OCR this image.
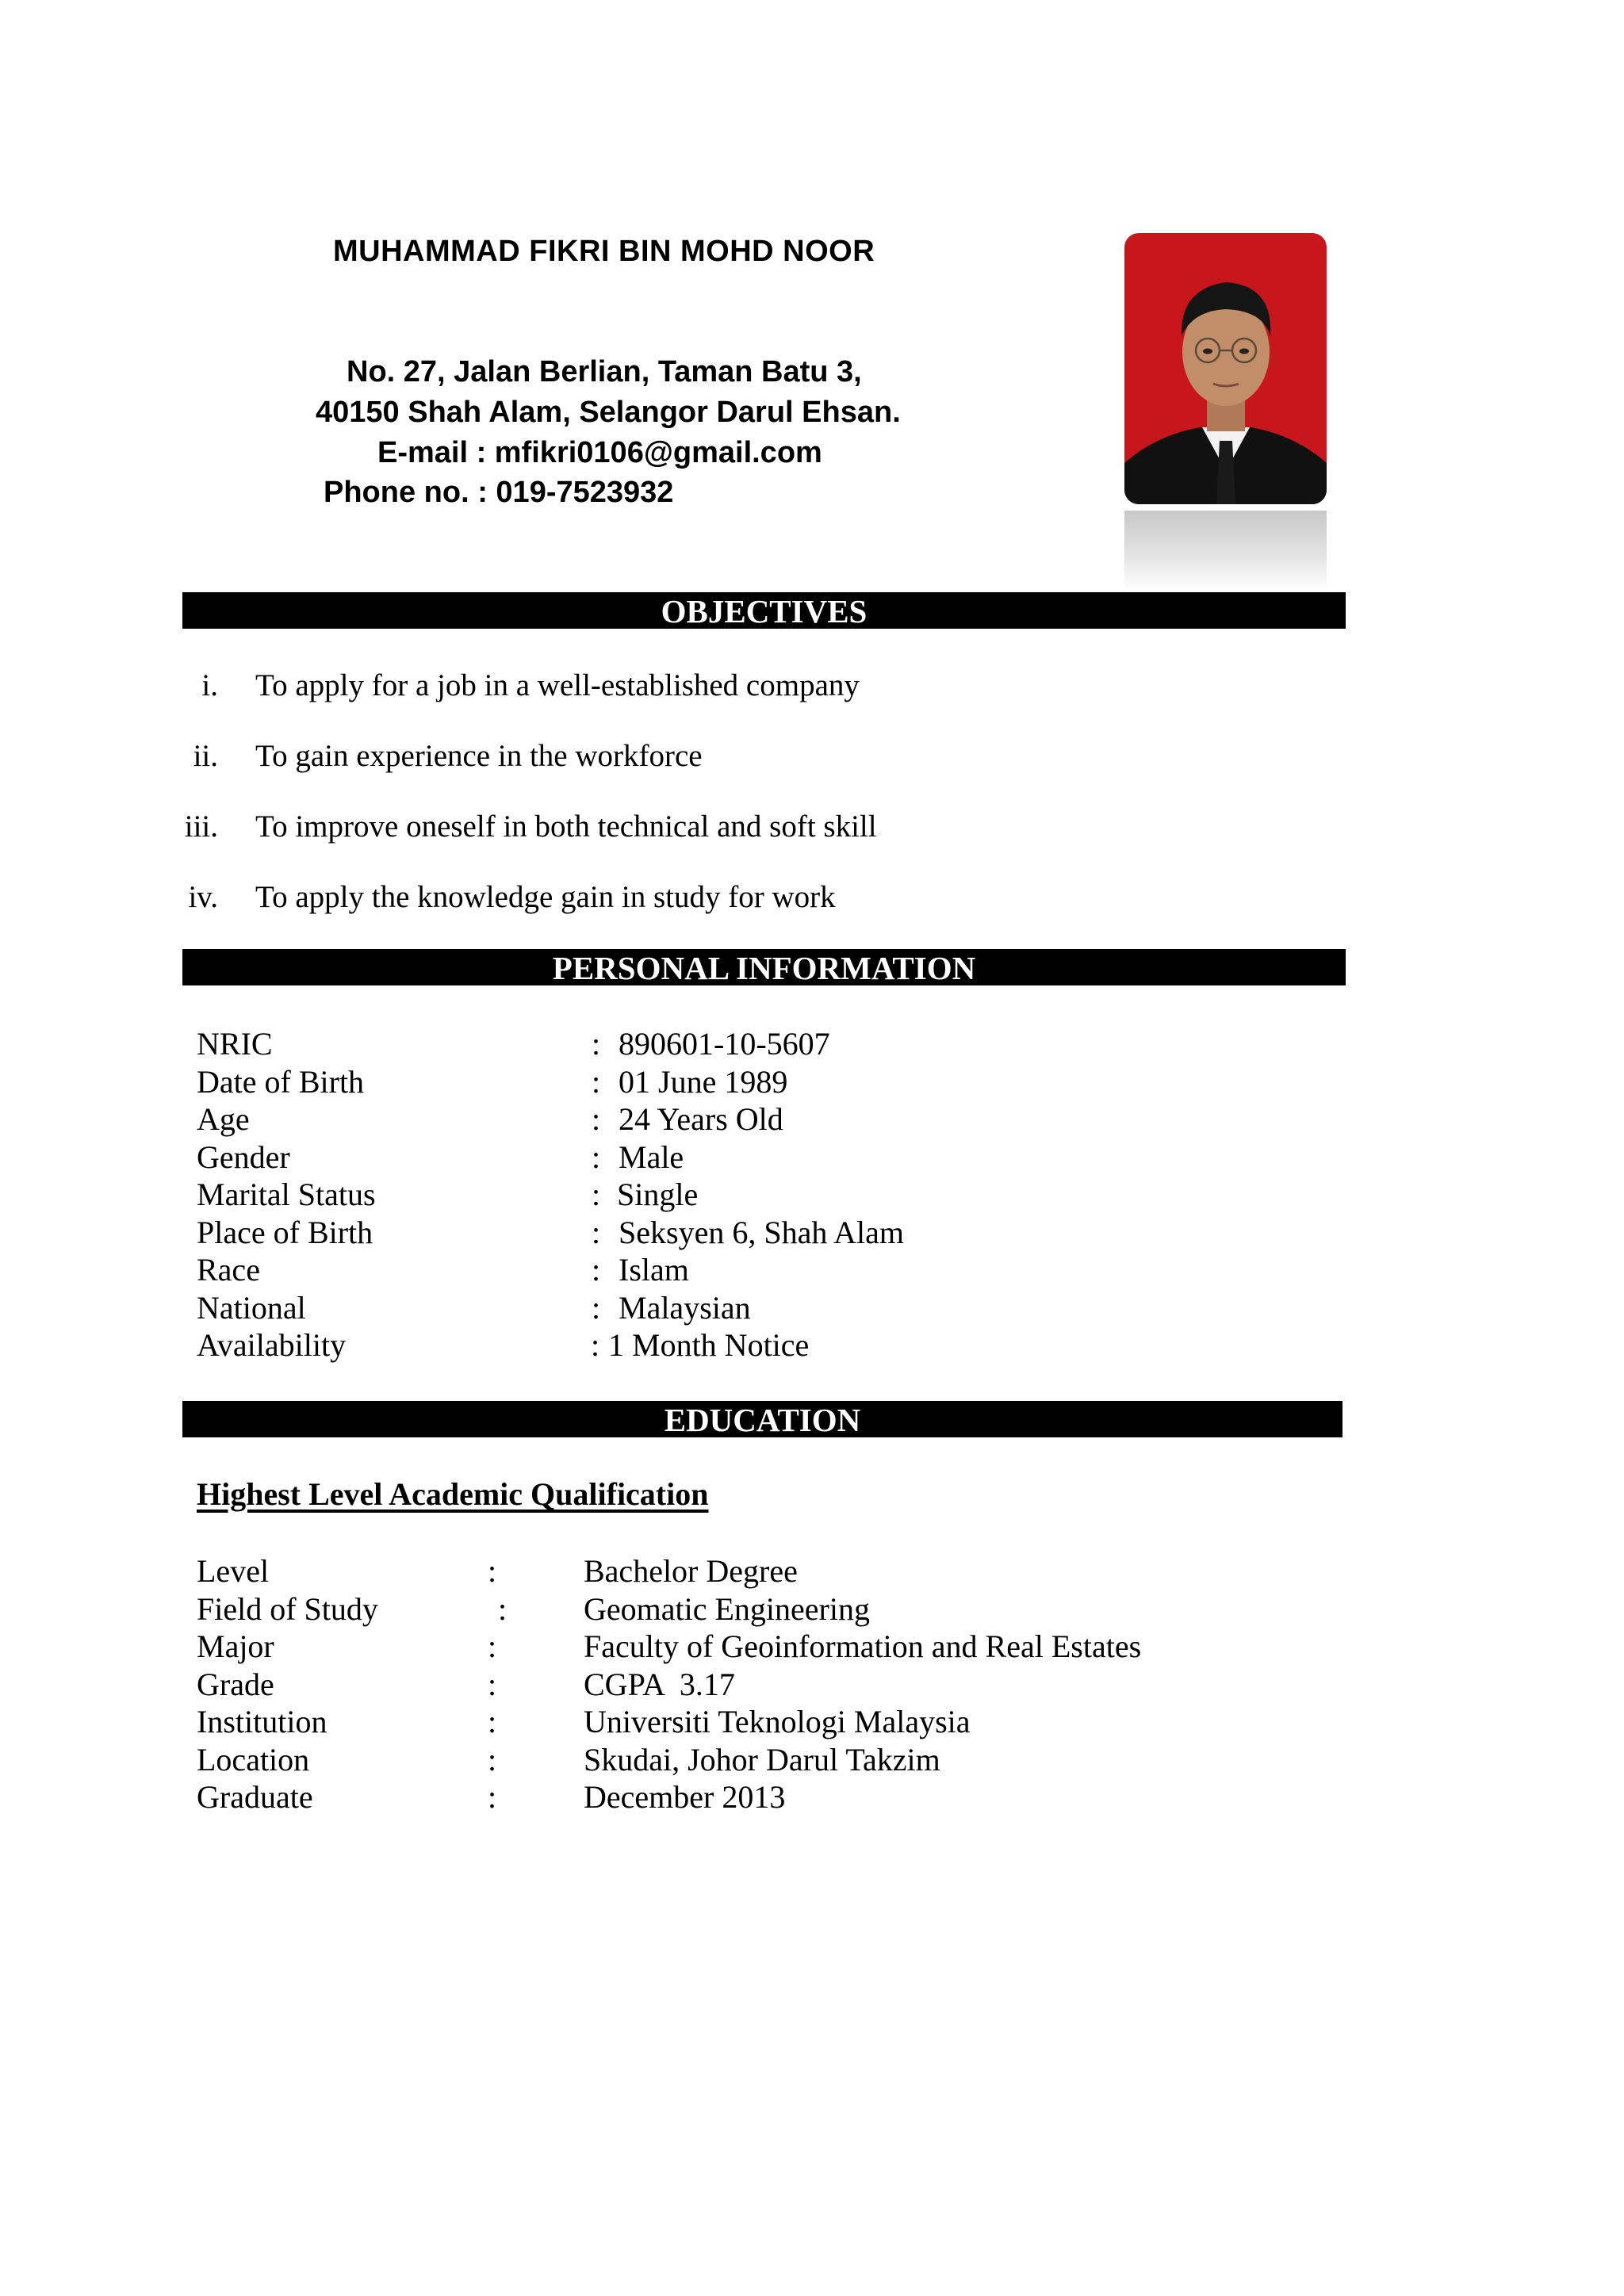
MUHAMMAD FIKRI BIN MOHD NOOR
No. 27, Jalan Berlian, Taman Batu 3,
40150 Shah Alam, Selangor Darul Ehsan.
E-mail : mfikri0106@gmail.com
Phone no. : 019-7523932
OBJECTIVES
i. To apply for a job in a well-established company
ii. To gain experience in the workforce
iii. To improve oneself in both technical and soft skill
iv. To apply the knowledge gain in study for work
PERSONAL INFORMATION
NRIC	: 890601-10-5607
Date of Birth	: 01 June 1989
Age	: 24 Years Old
Gender	: Male
Marital Status	: Single
Place of Birth	: Seksyen 6, Shah Alam
Race	: Islam
National	: Malaysian
Availability	: 1 Month Notice
EDUCATION
Highest Level Academic Qualification
Level	:	Bachelor Degree
Field of Study	: Geomatic Engineering
Major	:	Faculty of Geoinformation and Real Estates
Grade	:	CGPA  3.17
Institution	:	Universiti Teknologi Malaysia
Location	:	Skudai, Johor Darul Takzim
Graduate	:	December 2013
